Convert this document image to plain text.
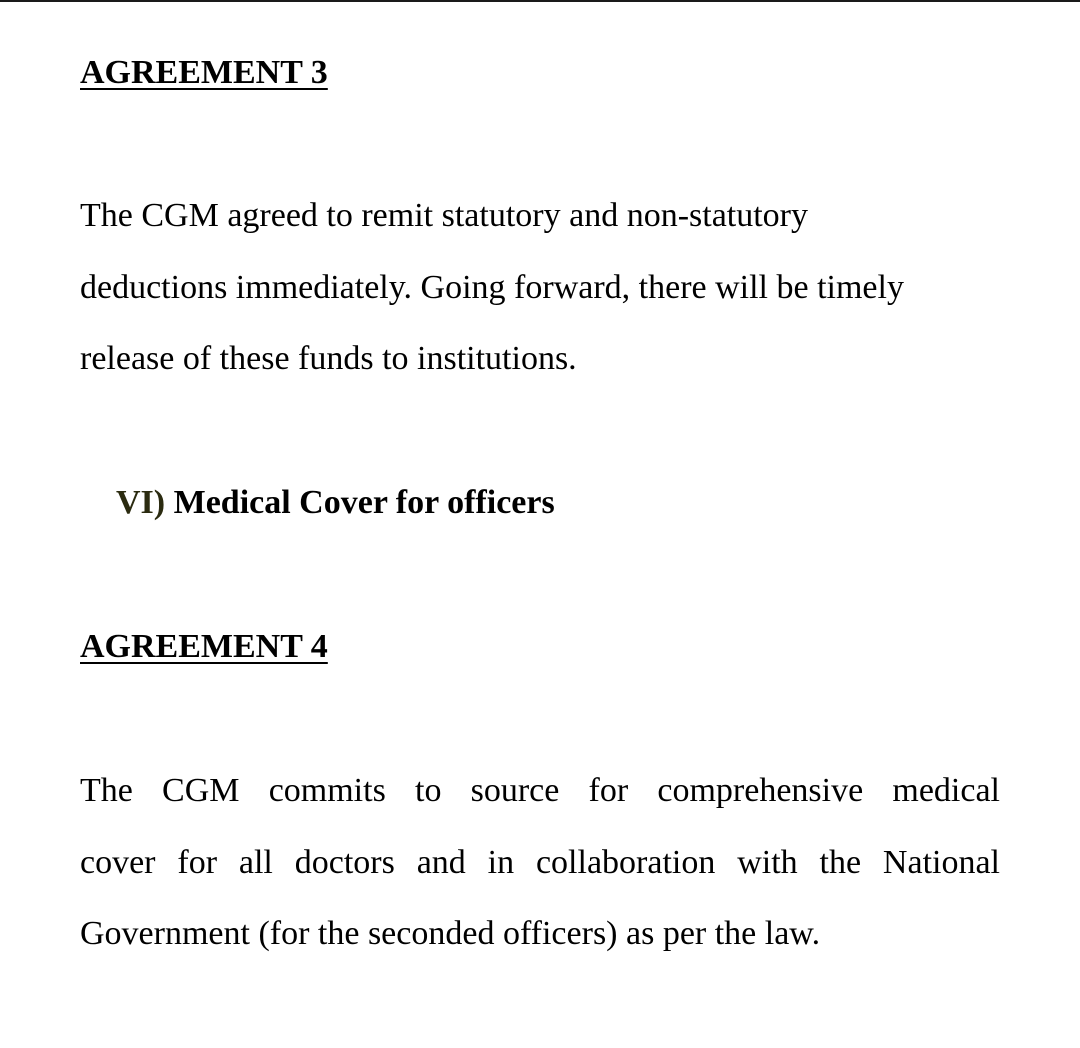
AGREEMENT 3

The CGM agreed to remit statutory and non-statutory
deductions immediately. Going forward, there will be timely
release of these funds to institutions.

VI) Medical Cover for officers
AGREEMENT 4

The CGM commits to source for comprehensive medical
cover for all doctors and in collaboration with the National
Government (for the seconded officers) as per the law.
